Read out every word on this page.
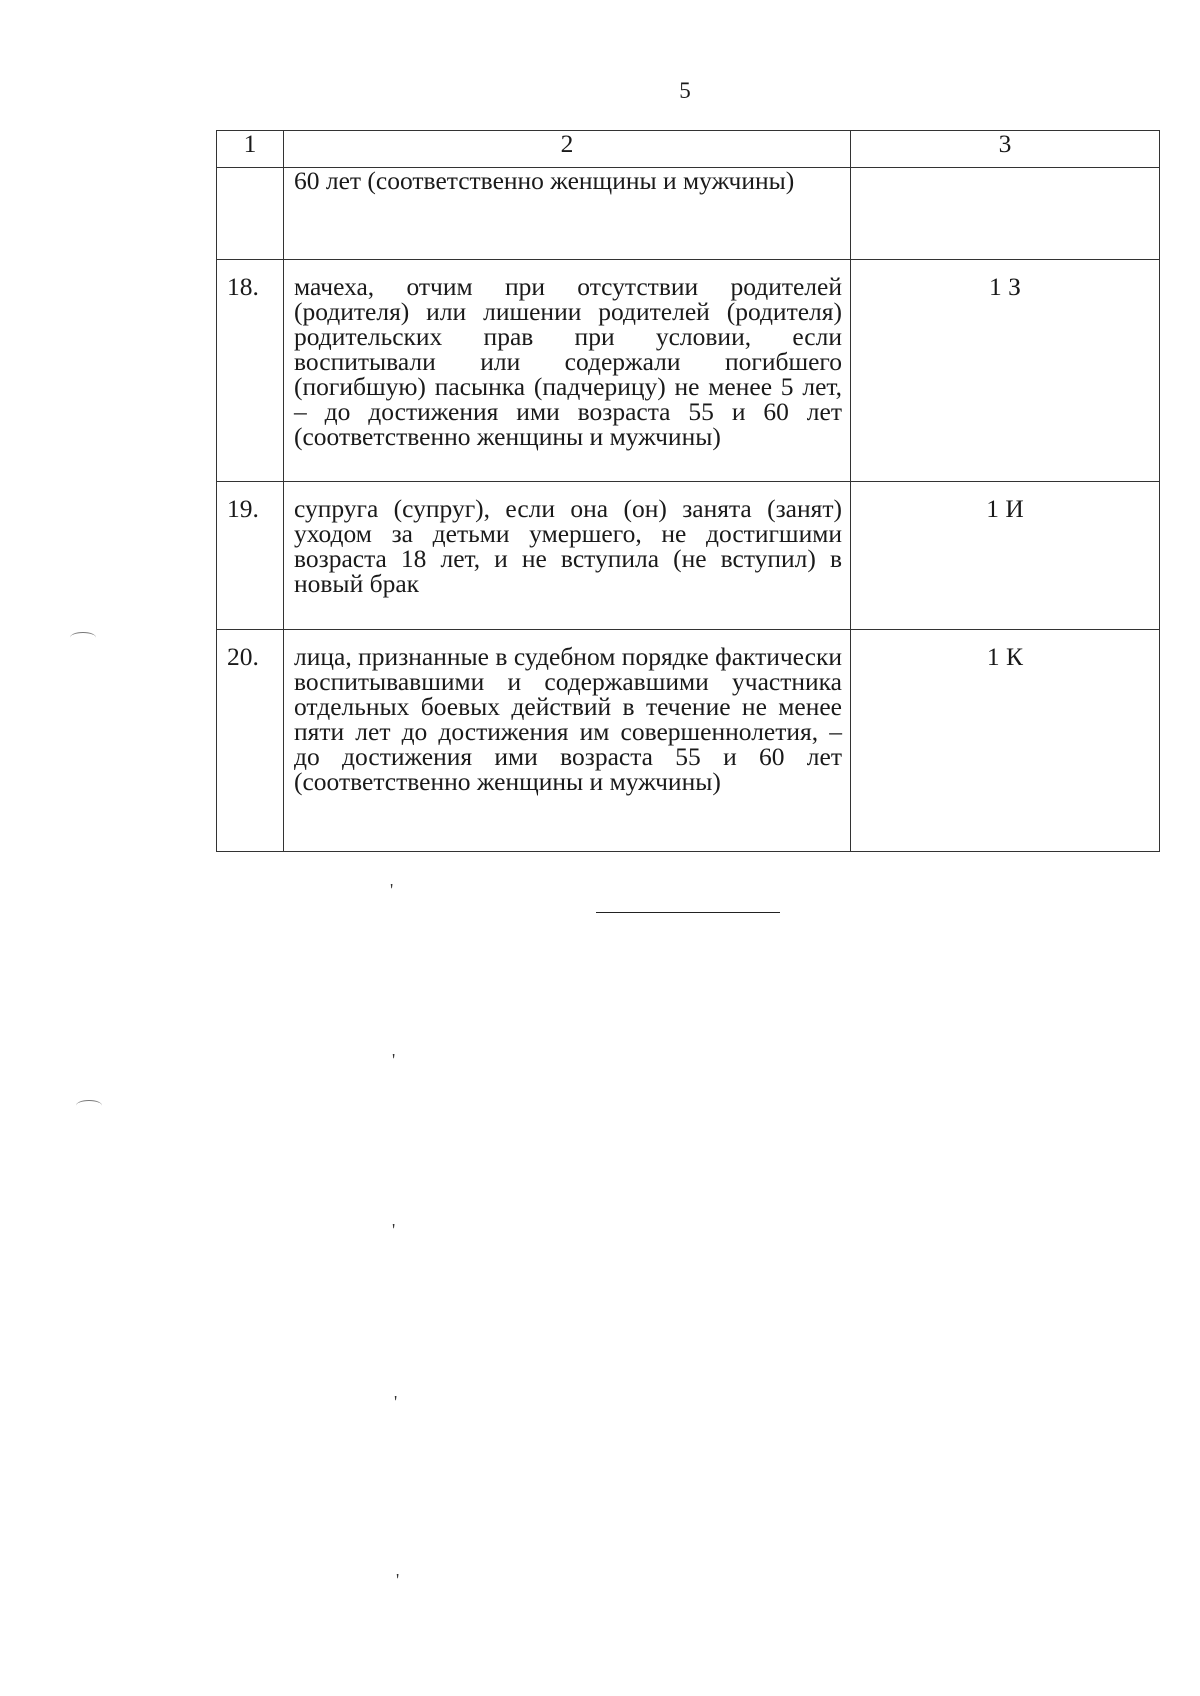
5
1	2	3
	60 лет (соответственно женщины и мужчины)	
18.	мачеха, отчим при отсутствии родителей (родителя) или лишении родителей (родителя) родительских прав при условии, если воспитывали или содержали погибшего (погибшую) пасынка (падчерицу) не менее 5 лет, – до достижения ими возраста 55 и 60 лет (соответственно женщины и мужчины)	1 З
19.	супруга (супруг), если она (он) занята (занят) уходом за детьми умершего, не достигшими возраста 18 лет, и не вступила (не вступил) в новый брак	1 И
20.	лица, признанные в судебном порядке фактически воспитывавшими и содержавшими участника отдельных боевых действий в течение не менее пяти лет до достижения им совершеннолетия, – до достижения ими возраста 55 и 60 лет (соответственно женщины и мужчины)	1 К
'
'
'
'
'
